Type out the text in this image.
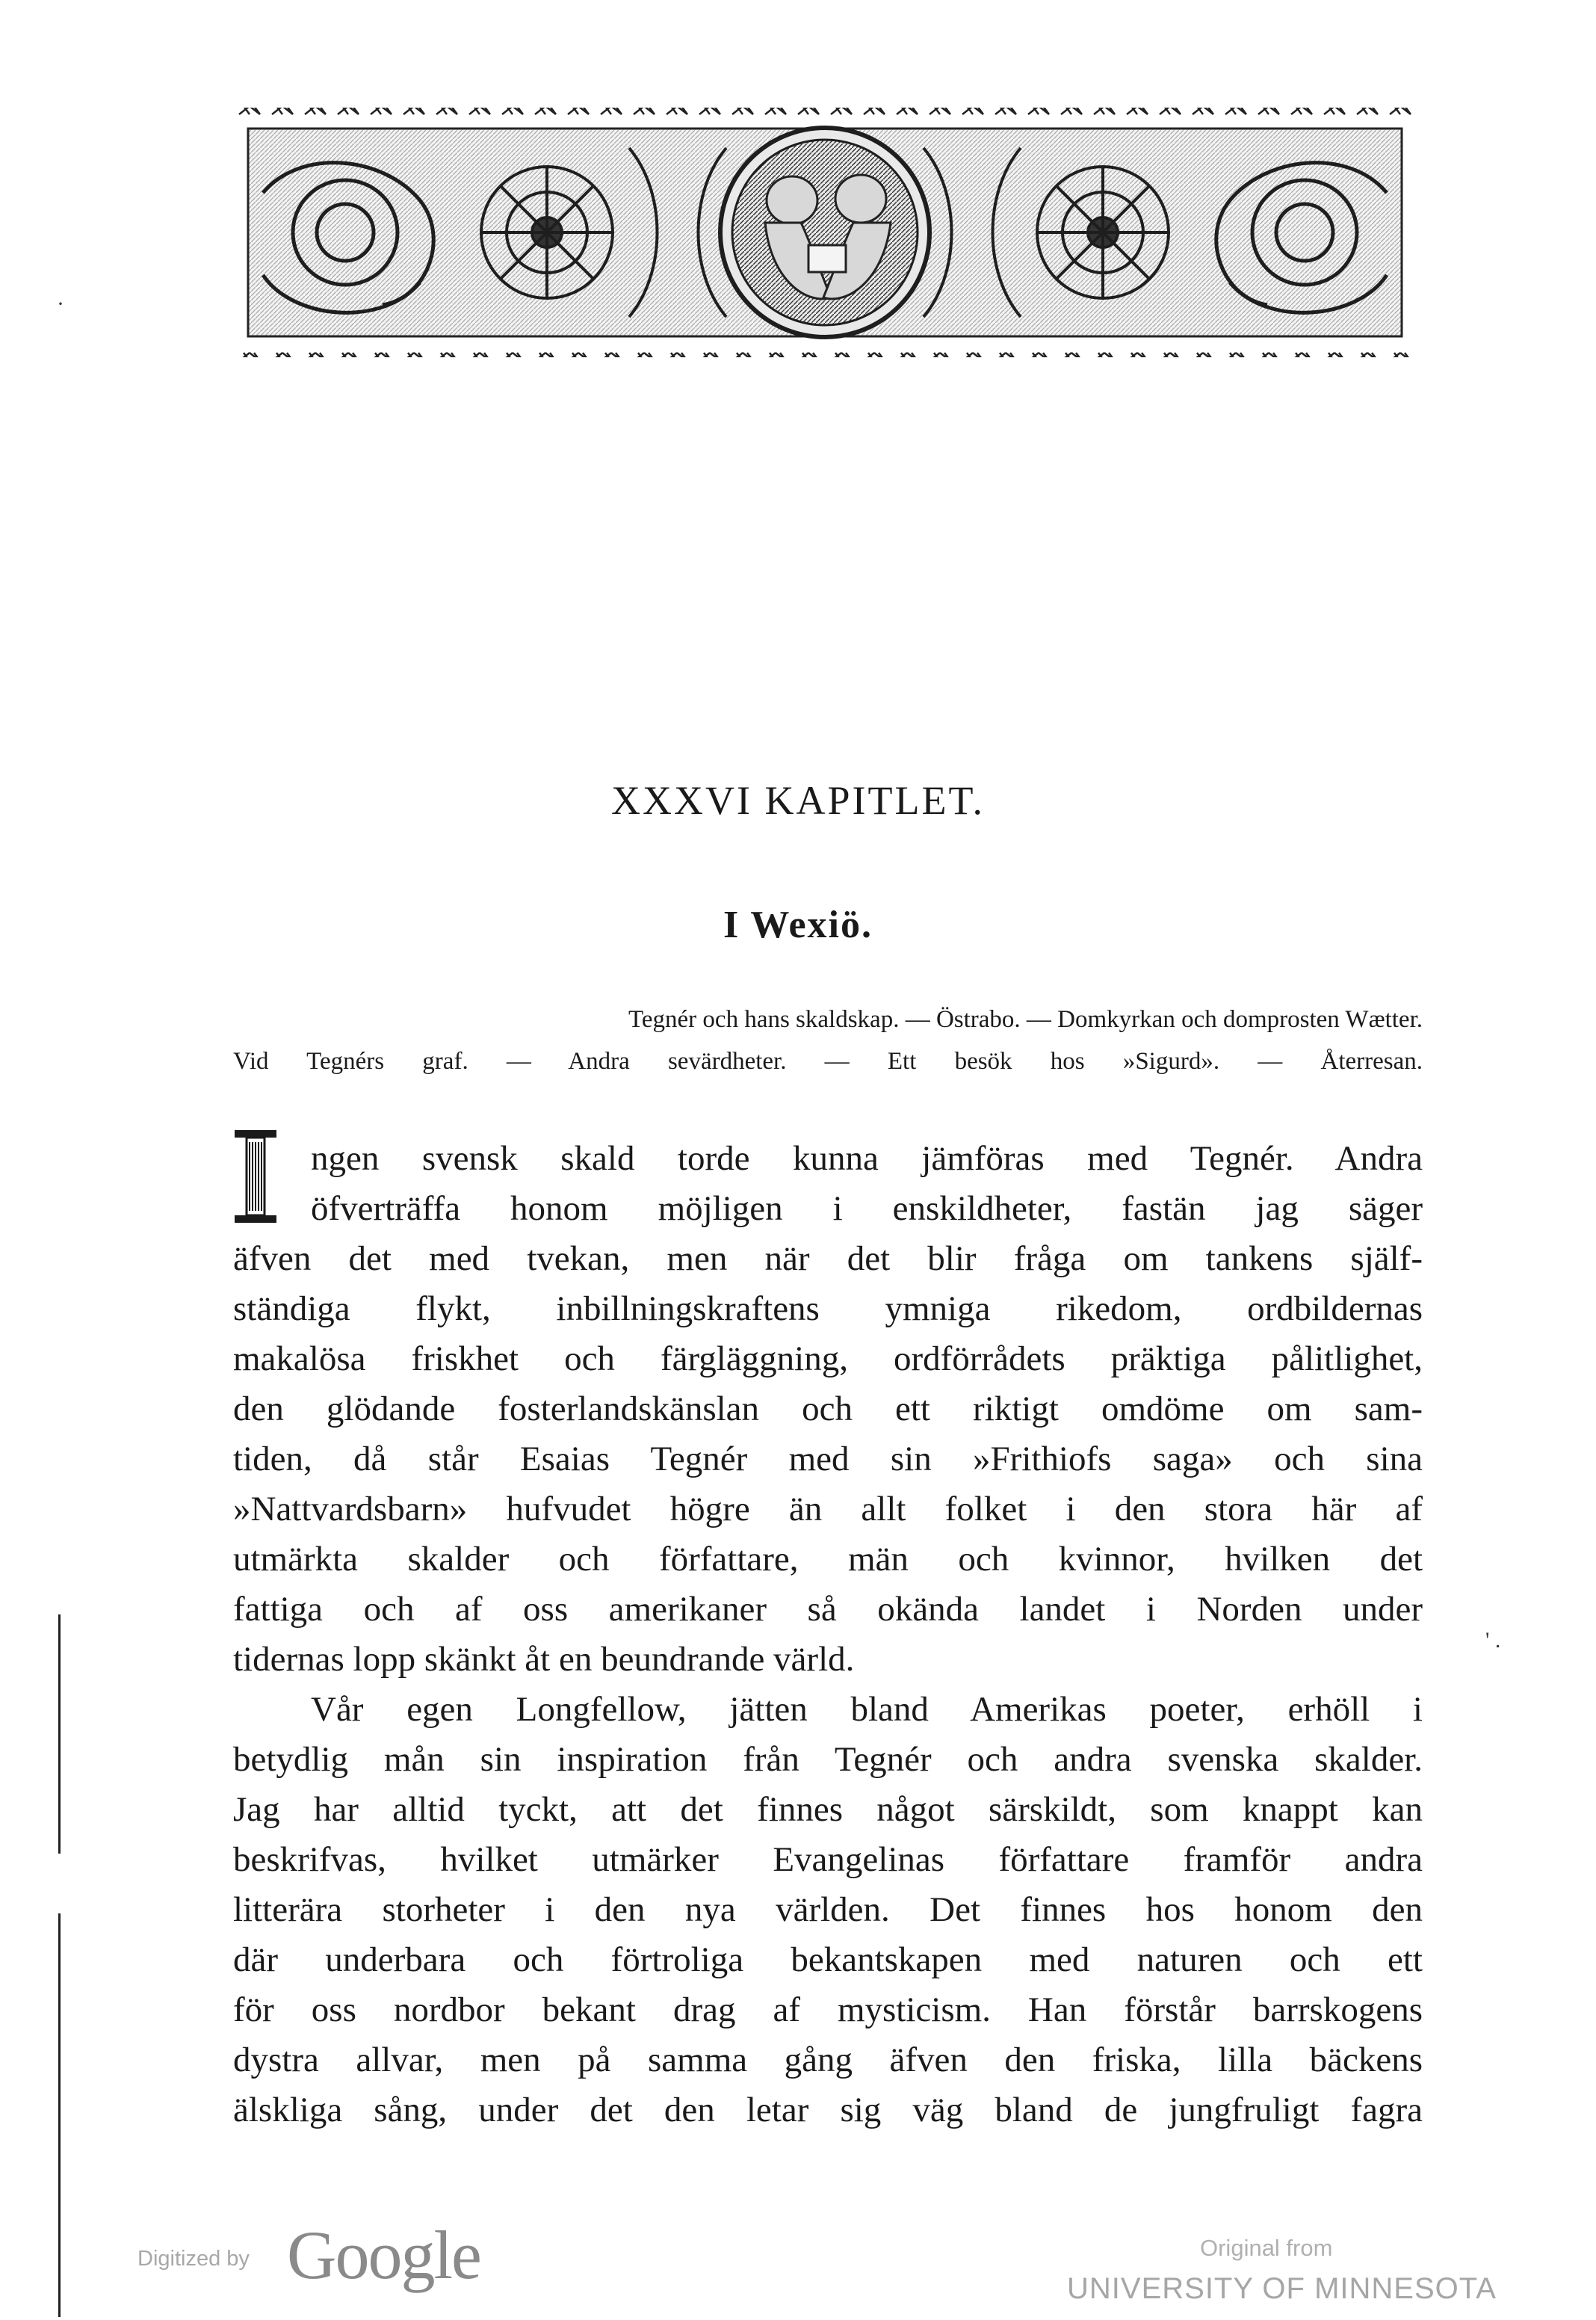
XXXVI KAPITLET.
I Wexiö.
Tegnér och hans skaldskap. — Östrabo. — Domkyrkan och domprosten Wætter.
Vid Tegnérs graf. — Andra sevärdheter. — Ett besök hos »Sigurd». — Återresan.
ngen svensk skald torde kunna jämföras med Tegnér. Andra
öfverträffa honom möjligen i enskildheter, fastän jag säger
äfven det med tvekan, men när det blir fråga om tankens själf-
ständiga flykt, inbillningskraftens ymniga rikedom, ordbildernas
makalösa friskhet och färgläggning, ordförrådets präktiga pålitlighet,
den glödande fosterlandskänslan och ett riktigt omdöme om sam-
tiden, då står Esaias Tegnér med sin »Frithiofs saga» och sina
»Nattvardsbarn» hufvudet högre än allt folket i den stora här af
utmärkta skalder och författare, män och kvinnor, hvilken det
fattiga och af oss amerikaner så okända landet i Norden under
tidernas lopp skänkt åt en beundrande värld.
Vår egen Longfellow, jätten bland Amerikas poeter, erhöll i
betydlig mån sin inspiration från Tegnér och andra svenska skalder.
Jag har alltid tyckt, att det finnes något särskildt, som knappt kan
beskrifvas, hvilket utmärker Evangelinas författare framför andra
litterära storheter i den nya världen. Det finnes hos honom den
där underbara och förtroliga bekantskapen med naturen och ett
för oss nordbor bekant drag af mysticism. Han förstår barrskogens
dystra allvar, men på samma gång äfven den friska, lilla bäckens
älskliga sång, under det den letar sig väg bland de jungfruligt fagra
' .
·
Digitized by Google	Original from
UNIVERSITY OF MINNESOTA
